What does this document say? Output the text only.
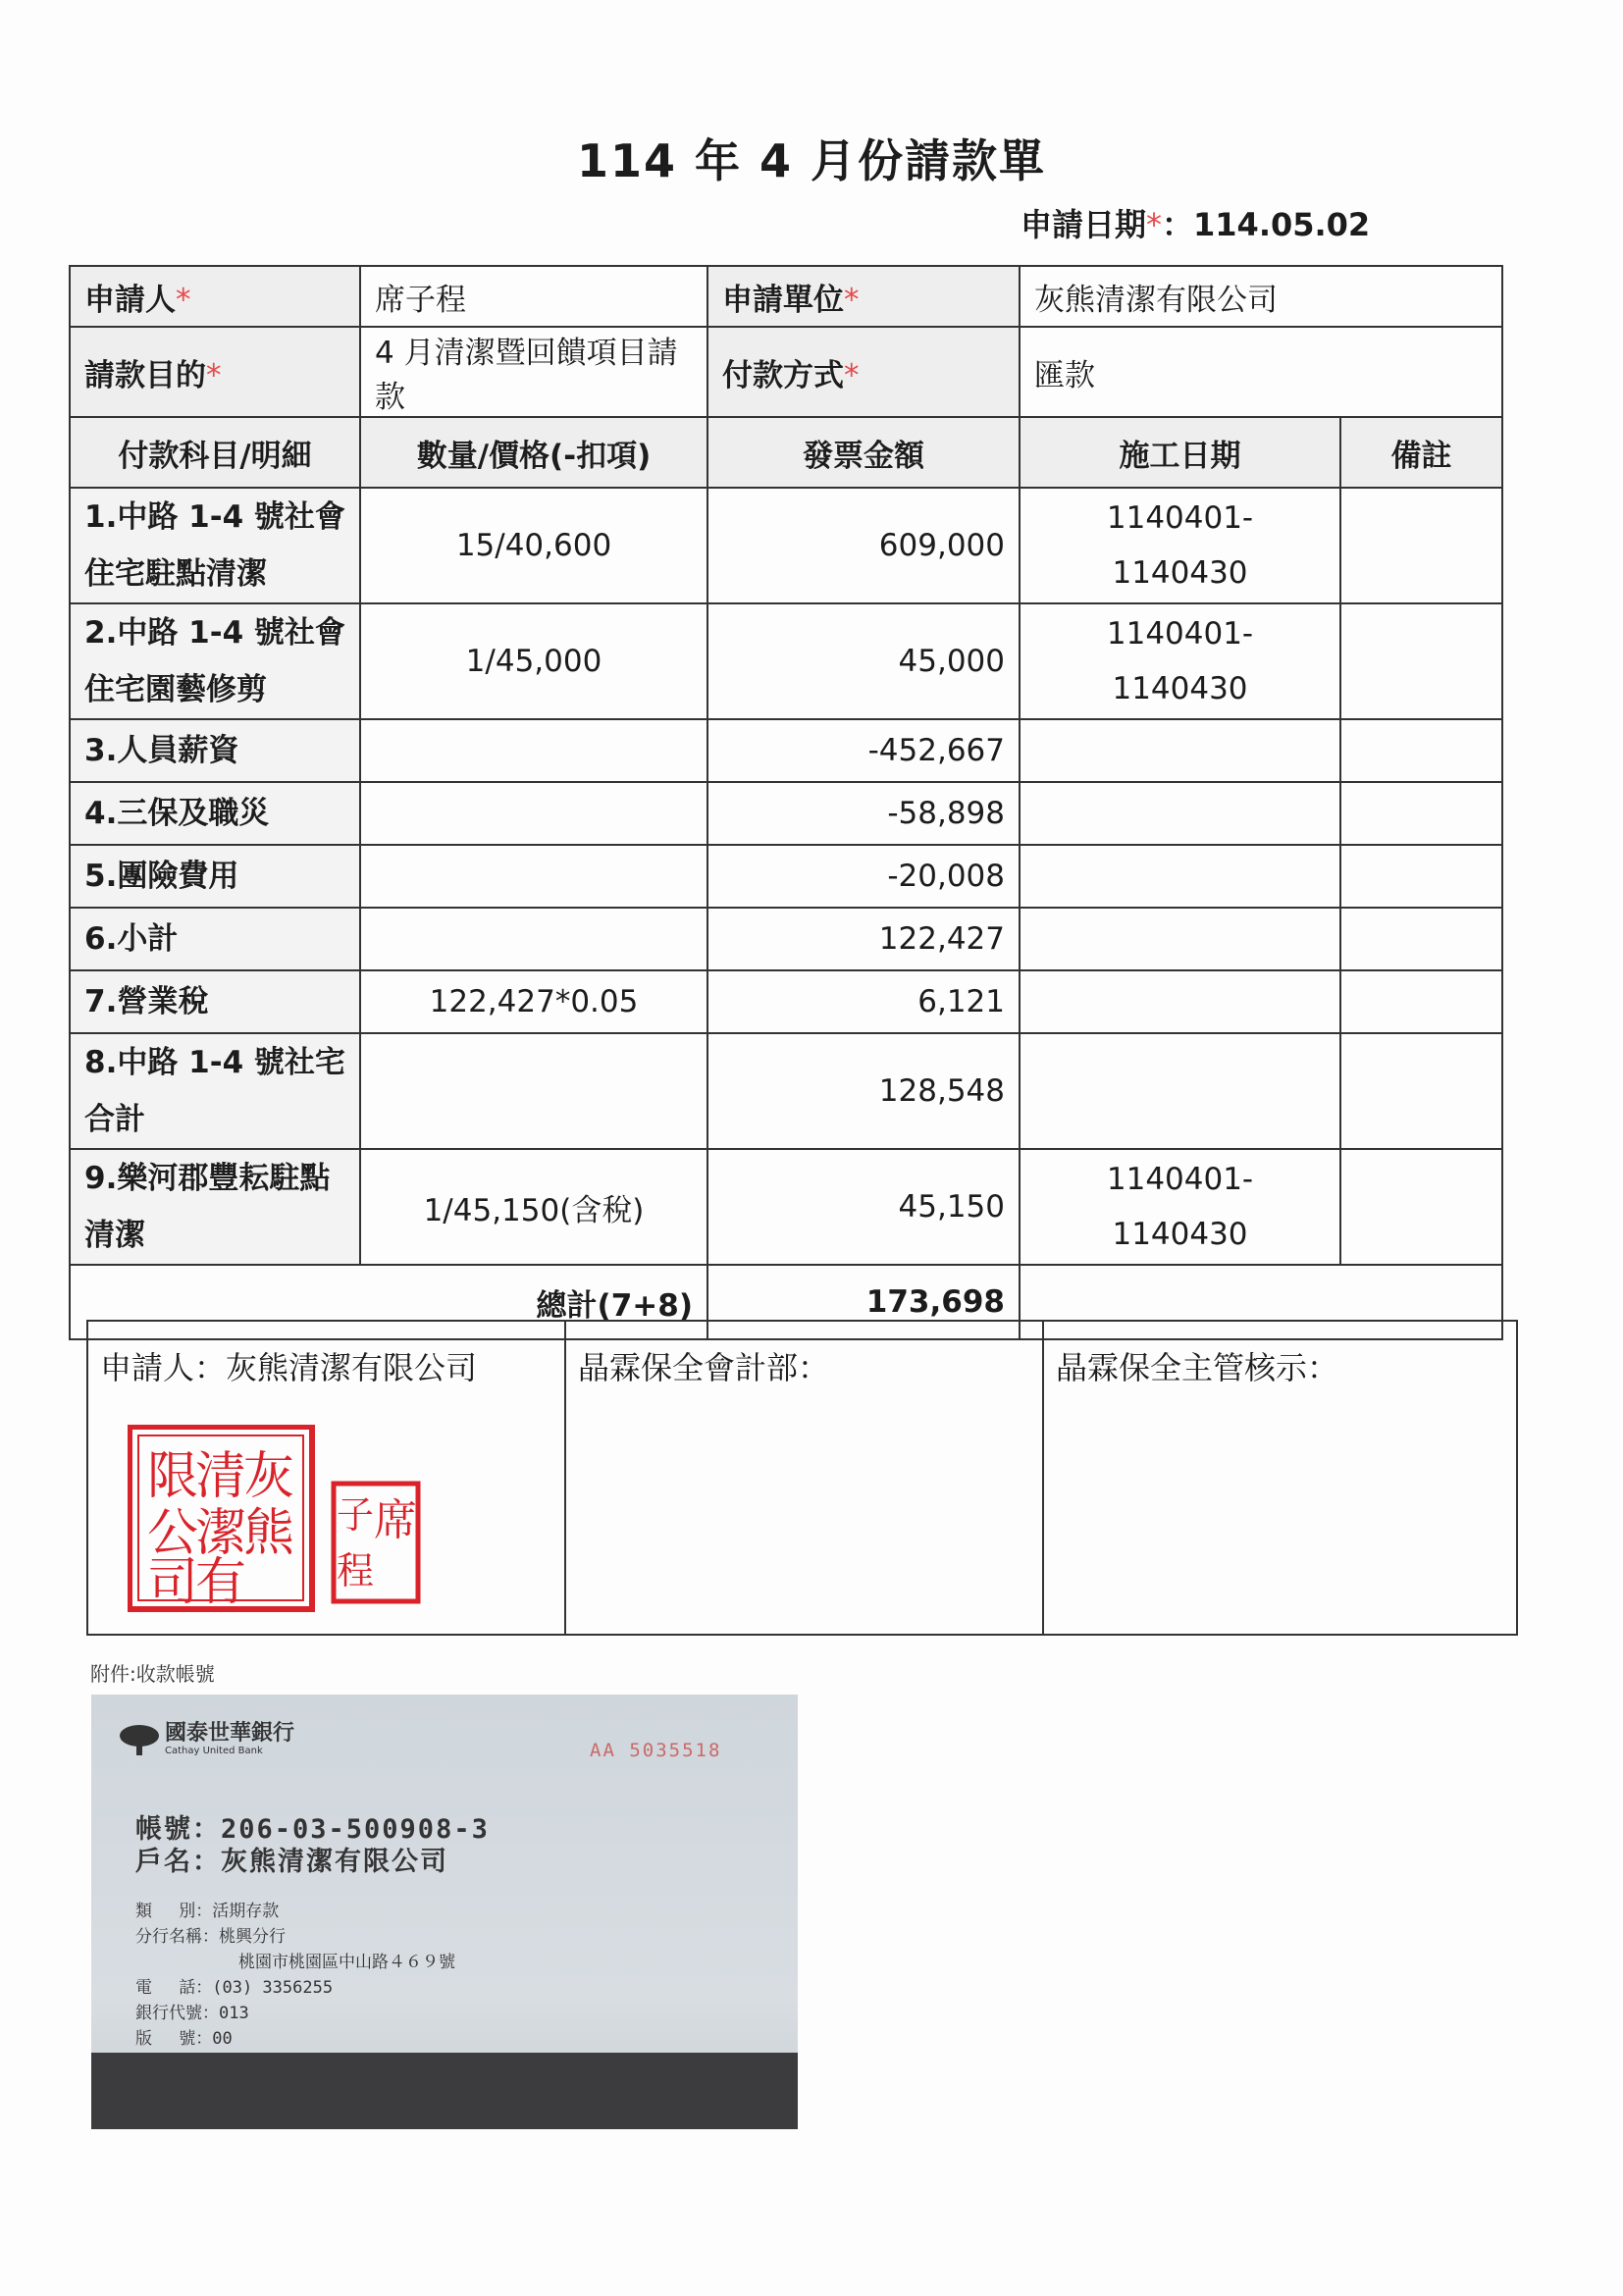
114 年 4 月份請款單
申請日期*：114.05.02
申請人*	席子程	申請單位*	灰熊清潔有限公司	
請款目的*	4 月清潔暨回饋項目請款	付款方式*	匯款	
付款科目/明細	數量/價格(-扣項)	發票金額	施工日期	備註
1.中路 1-4 號社會住宅駐點清潔	15/40,600	609,000	1140401-
1140430	
2.中路 1-4 號社會住宅園藝修剪	1/45,000	45,000	1140401-
1140430	
3.人員薪資		-452,667		
4.三保及職災		-58,898		
5.團險費用		-20,008		
6.小計		122,427		
7.營業稅	122,427*0.05	6,121		
8.中路 1-4 號社宅合計		128,548		
9.樂河郡豐耘駐點清潔	1/45,150(含稅)	45,150	1140401-
1140430	
總計(7+8)		173,698		
申請人：灰熊清潔有限公司
灰
熊
清
潔
有
限
公
司
席
子
程
晶霖保全會計部：	晶霖保全主管核示：
附件:收款帳號
國泰世華銀行
Cathay United Bank	AA 5035518
帳號：206-03-500908-3
戶名：灰熊清潔有限公司
類　 別：活期存款
分行名稱：桃興分行
桃園市桃園區中山路４６９號
電　 話：(03) 3356255
銀行代號：013
版　 號：00
